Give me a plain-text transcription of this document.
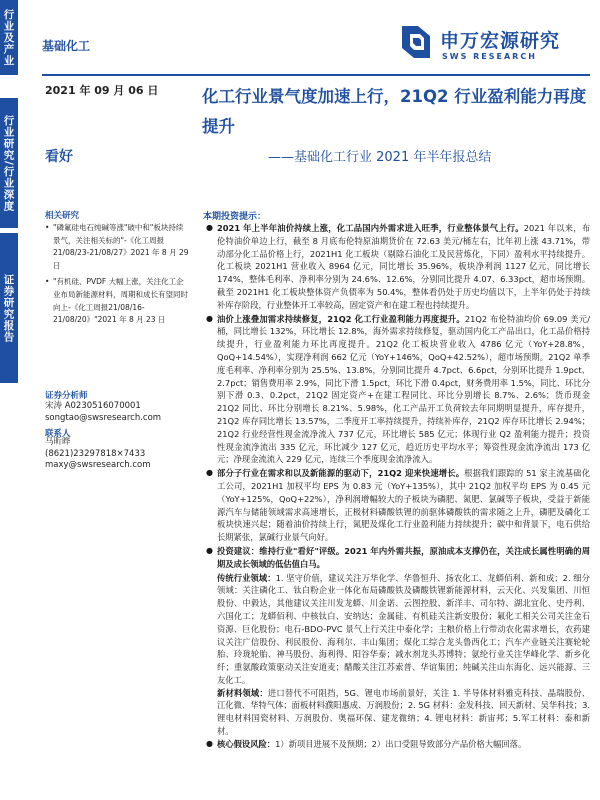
行业及产业
行业研究/行业深度
证券研究报告
基础化工	申万宏源研究
SWS RESEARCH
2021 年 09 月 06 日
看好
化工行业景气度加速上行，21Q2 行业盈利能力再度提升
——基础化工行业 2021 年半年报总结
相关研究
• "磷氟硅电石纯碱等涨"破中和"板块持续景气，关注相关标的"-《化工周报21/08/23-21/08/27》2021 年 8 月 29 日
• "有机硅、PVDF 大幅上涨，关注化工企业布局新能源材料，周期和成长有望同时向上-《化工周报21/08/16-21/08/20》"2021 年 8 月 23 日
证券分析师
宋涛 A0230516070001
songtao@swsresearch.com
联系人
马昕晔
(8621)23297818×7433
maxy@swsresearch.com
本期投资提示：
● 2021 年上半年油价持续上涨，化工品国内外需求进入旺季，行业整体景气上行。2021 年以来，布伦特油价单边上行，截至 8 月底布伦特原油期货价在 72.63 美元/桶左右，比年初上涨 43.71%，带动部分化工品价格上行，2021H1 化工板块（剔除石油化工及民营炼化，下同）盈利水平持续提升。化工板块 2021H1 营业收入 8964 亿元，同比增长 35.96%，板块净利润 1127 亿元，同比增长 174%，整体毛利率、净利率分别为 24.6%、12.6%，分别同比提升 4.07、6.33pct，超市场预期。截至 2021H1 化工板块整体资产负债率为 50.4%，整体看仍处于历史均值以下，上半年仍处于持续补库存阶段，行业整体开工率较高，固定资产和在建工程也持续提升。
● 油价上涨叠加需求持续修复，21Q2 化工行业盈利能力再度提升。21Q2 布伦特油均价 69.09 美元/桶，同比增长 132%，环比增长 12.8%，海外需求持续修复，驱动国内化工产品出口，化工品价格持续提升，行业盈利能力环比再度提升。21Q2 化工板块营业收入 4786 亿元（YoY+28.8%，QoQ+14.54%），实现净利润 662 亿元（YoY+146%，QoQ+42.52%），超市场预期。21Q2 单季度毛利率、净利率分别为 25.5%、13.8%，分别同比提升 4.7pct、6.6pct，分别环比提升 1.9pct、2.7pct；销售费用率 2.9%，同比下滑 1.5pct，环比下滑 0.4pct，财务费用率 1.5%，同比、环比分别下滑 0.3、0.2pct，21Q2 固定资产+在建工程同比、环比分别增长 8.7%、2.6%；货币现金 21Q2 同比、环比分别增长 8.21%、5.98%，化工产品开工负荷较去年同期明显提升，库存提升，21Q2 库存同比增长 13.57%，二季度开工率持续提升，持续补库存，21Q2 库存环比增长 2.94%；21Q2 行业经营性现金流净流入 737 亿元，环比增长 585 亿元；体现行业 Q2 盈利能力提升；投资性现金流净流出 335 亿元，环比减少 127 亿元，趋近历史平均水平；筹资性现金流净流出 173 亿元；净现金流流入 229 亿元，连续三个季度现金流净流入。
● 部分子行业在需求和以及新能源的驱动下，21Q2 迎来快速增长。根据我们跟踪的 51 家主流基础化工公司，2021H1 加权平均 EPS 为 0.83 元（YoY+135%），其中 21Q2 加权平均 EPS 为 0.45 元（YoY+125%，QoQ+22%），净利润增幅较大的子板块为磷肥、氮肥、氯碱等子板块，受益于新能源汽车与储能领域需求高速增长，正极材料磷酸铁锂的前驱体磷酸铁的需求随之上升，磷肥及磷化工板块快速兴起；随着油价持续上行，氮肥及煤化工行业盈利能力持续提升；碳中和背景下，电石供给长期紧张，氯碱行业景气向好。
● 投资建议：维持行业"看好"评级。2021 年内外需共振，原油成本支撑仍在，关注成长属性明确的周期及成长领域的低估值白马。
传统行业领域：1. 坚守价值，建议关注万华化学、华鲁恒升、扬农化工、龙蟒佰利、新和成；2. 细分领域：关注磷化工、钛白粉企业一体化布局磷酸铁及磷酸铁锂新能源材料，云天化、兴发集团、川恒股份、中毅达，其他建议关注川发龙蟒、川金诺、云图控股、新洋丰、司尔特、湖北宜化、史丹利、六国化工；龙蟒佰利、中核钛白、安纳达；金属硅、有机硅关注新安股份；氟化工相关公司关注金石资源、巨化股份；电石-BDO-PVC 景气上行关注中泰化学；主粮价格上行带动农化需求增长，农药建议关注广信股份、利民股份、海利尔、丰山集团；煤化工综合龙头鲁西化工；汽车产业链关注赛轮轮胎、玲珑轮胎、神马股份、海利得、阳谷华泰；减水剂龙头苏博特；氨纶行业关注华峰化学、新乡化纤；重氨酸政策驱动关注安道麦；醋酸关注江苏索普、华谊集团；纯碱关注山东海化、远兴能源、三友化工。
新材料领域：进口替代不可阻挡，5G、锂电市场前景好，关注 1. 半导体材料雅克科技、晶瑞股份、江化微、华特气体；面板材料濮阳惠成、万润股份；2. 5G 材料：金发科技、回天新材、吴华科技；3. 锂电材料国瓷材料、万润股份、奥福环保、建龙微纳；4. 锂电材料：新宙邦；5.军工材料：泰和新材。
● 核心假设风险：1）新项目进展不及预期；2）出口受阻导致部分产品价格大幅回落。
